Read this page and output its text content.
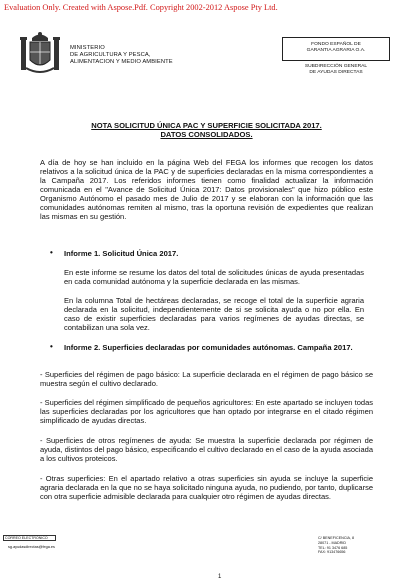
Evaluation Only. Created with Aspose.Pdf. Copyright 2002-2012 Aspose Pty Ltd.
MINISTERIO
DE AGRICULTURA Y PESCA,
ALIMENTACION Y MEDIO AMBIENTE
FONDO ESPAÑOL DE
GARANTIA AGRARIA O.A.
SUBDIRECCIÓN GENERAL
DE AYUDAS DIRECTAS
NOTA SOLICITUD ÚNICA PAC Y SUPERFICIE SOLICITADA 2017.
DATOS CONSOLIDADOS.
A día de hoy se han incluido en la página Web del FEGA los informes que recogen los datos relativos a la solicitud única de la PAC y de superficies declaradas en la misma correspondientes a la Campaña 2017. Los referidos informes tienen como finalidad actualizar la información comunicada en el "Avance de Solicitud Única 2017: Datos provisionales" que hizo público este Organismo Autónomo el pasado mes de Julio de 2017 y se elaboran con la información que las comunidades autónomas remiten al mismo, tras la oportuna revisión de expedientes que realizan las mismas en su gestión.
• Informe 1. Solicitud Única 2017.
En este informe se resume los datos del total de solicitudes únicas de ayuda presentadas en cada comunidad autónoma y la superficie declarada en las mismas.
En la columna Total de hectáreas declaradas, se recoge el total de la superficie agraria declarada en la solicitud, independientemente de si se solicita ayuda o no por ella. En caso de existir superficies declaradas para varios regímenes de ayudas directas, se contabilizan una sola vez.
• Informe 2. Superficies declaradas por comunidades autónomas. Campaña 2017.
- Superficies del régimen de pago básico: La superficie declarada en el régimen de pago básico se muestra según el cultivo declarado.
- Superficies del régimen simplificado de pequeños agricultores: En este apartado se incluyen todas las superficies declaradas por los agricultores que han optado por integrarse en el citado régimen simplificado de ayudas directas.
- Superficies de otros regímenes de ayuda: Se muestra la superficie declarada por régimen de ayuda, distintos del pago básico, especificando el cultivo declarado en el caso de la ayuda asociada a los cultivos proteicos.
- Otras superficies: En el apartado relativo a otras superficies sin ayuda se incluye la superficie agraria declarada en la que no se haya solicitado ninguna ayuda, no pudiendo, por tanto, duplicarse con otra superficie admisible declarada para cualquier otro régimen de ayudas directas.
CORREO ELECTRÓNICO
sg.ayudasdirectas@fega.es
C/ BENEFICENCIA, 8
28071 - MADRID
TEL: 91 3476 685
FAX: 913476656
1
